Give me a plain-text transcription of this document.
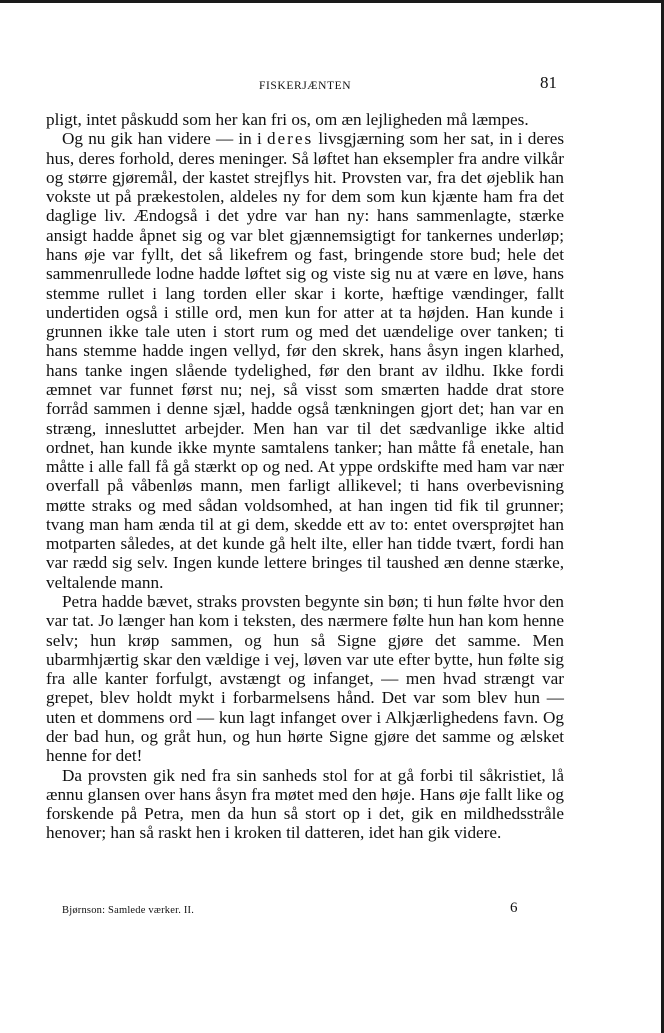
FISKERJÆNTEN	81

pligt, intet påskudd som her kan fri os, om æn lejligheden må læmpes.

Og nu gik han videre — in i deres livsgjærning som her sat, in i deres hus, deres forhold, deres meninger. Så løftet han eksempler fra andre vilkår og større gjøremål, der kastet strejflys hit. Provsten var, fra det øjeblik han vokste ut på prækestolen, aldeles ny for dem som kun kjænte ham fra det daglige liv. Ændogså i det ydre var han ny: hans sammenlagte, stærke ansigt hadde åpnet sig og var blet gjænnemsigtigt for tankernes underløp; hans øje var fyllt, det så likefrem og fast, bringende store bud; hele det sammenrullede lodne hadde løftet sig og viste sig nu at være en løve, hans stemme rullet i lang torden eller skar i korte, hæftige vændinger, fallt undertiden også i stille ord, men kun for atter at ta højden. Han kunde i grunnen ikke tale uten i stort rum og med det uændelige over tanken; ti hans stemme hadde ingen vellyd, før den skrek, hans åsyn ingen klarhed, hans tanke ingen slående tydelighed, før den brant av ildhu. Ikke fordi æmnet var funnet først nu; nej, så visst som smærten hadde drat store forråd sammen i denne sjæl, hadde også tænkningen gjort det; han var en stræng, innesluttet arbejder. Men han var til det sædvanlige ikke altid ordnet, han kunde ikke mynte samtalens tanker; han måtte få enetale, han måtte i alle fall få gå stærkt op og ned. At yppe ordskifte med ham var nær overfall på våbenløs mann, men farligt allikevel; ti hans overbevisning møtte straks og med sådan voldsomhed, at han ingen tid fik til grunner; tvang man ham ænda til at gi dem, skedde ett av to: entet oversprøjtet han motparten således, at det kunde gå helt ilte, eller han tidde tvært, fordi han var rædd sig selv. Ingen kunde lettere bringes til taushed æn denne stærke, veltalende mann.

Petra hadde bævet, straks provsten begynte sin bøn; ti hun følte hvor den var tat. Jo længer han kom i teksten, des nærmere følte hun han kom henne selv; hun krøp sammen, og hun så Signe gjøre det samme. Men ubarmhjærtig skar den vældige i vej, løven var ute efter bytte, hun følte sig fra alle kanter forfulgt, avstængt og infanget, — men hvad strængt var grepet, blev holdt mykt i forbarmelsens hånd. Det var som blev hun — uten et dommens ord — kun lagt infanget over i Alkjærlighedens favn. Og der bad hun, og gråt hun, og hun hørte Signe gjøre det samme og ælsket henne for det!

Da provsten gik ned fra sin sanheds stol for at gå forbi til såkristiet, lå ænnu glansen over hans åsyn fra møtet med den høje. Hans øje fallt like og forskende på Petra, men da hun så stort op i det, gik en mildhedsstråle henover; han så raskt hen i kroken til datteren, idet han gik videre.

Bjørnson: Samlede værker. II.	6
